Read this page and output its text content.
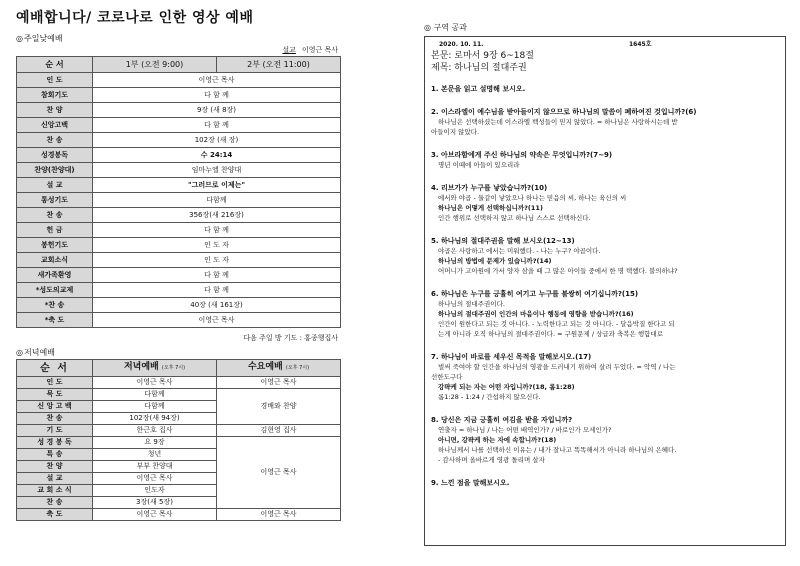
예배합니다/ 코로나로 인한 영상 예배
◎주일낮예배
설교 이영근 목사
순 서	1부 (오전 9:00)	2부 (오전 11:00)
인 도	이영근 목사	
참회기도	다 함 께	
찬 양	9장 (새 8장)	
신앙고백	다 함 께	
찬 송	102장 (새 장)	
성경봉독	수 24:14	
찬양(찬양대)	임마누엘 찬양대	
설 교	"그러므로 이제는"	
통성기도	다함께	
찬 송	356장(새 216장)	
헌 금	다 함 께	
봉헌기도	인 도 자	
교회소식	인 도 자	
새가족환영	다 함 께	
*성도의교제	다 함 께	
*찬 송	40장 (새 161장)	
*축 도	이영근 목사	
다음 주일 방 기도 : 홍종행집사
◎저녁예배
순 서	저녁예배 (오후 7시)	수요예배 (오후 7시)
인 도	이영근 목사	이영근 목사
묵 도	다함께	경배와 찬양
신 앙 고 백	다함께	
찬 송	102장(새 94장)	
기 도	한근호 집사	김현영 집사
성 경 봉 독	요 9장	이영근 목사
특 송	청년	
찬 양	부부 찬양대	
설 교	이영근 목사	
교 회 소 식	인도자	
찬 송	3장(새 5장)	
축 도	이영근 목사	이영근 목사
◎ 구역 공과
2020. 10. 11.	1645호
본문: 로마서 9장 6~18절
제목: 하나님의 절대주권
1. 본문을 읽고 설명해 보시오.
2. 이스라엘이 예수님을 받아들이지 않으므로 하나님의 말씀이 폐하여진 것입니까?(6)
하나님은 선택하셨는데 이스라엘 백성들이 믿지 않았다. = 하나님은 사랑하시는데 받
아들이지 않았다.
3. 아브라함에게 주신 하나님의 약속은 무엇입니까?(7~9)
명년 이때에 아들이 있으리라
4. 리브가가 누구를 낳았습니까?(10)
에서와 야곱 - 둘같이 낳았으나 하나는 믿음의 씨, 하나는 육신의 씨
하나님은 어떻게 선택하십니까?(11)
인간 행위로 선택하지 않고 하나님 스스로 선택하신다.
5. 하나님의 절대주권을 말해 보시오(12~13)
야곱은 사랑하고 에서는 미워했다. - 나는 누구? 야곱이다.
하나님의 방법에 문제가 있습니까?(14)
어머니가 고아원에 가서 양자 삼을 때 그 많은 아이들 중에서 한 명 택했다. 불의하냐?
6. 하나님은 누구를 긍휼히 여기고 누구를 불쌍히 여기십니까?(15)
하나님의 절대주권이다.
하나님의 절대주권이 인간의 마음이나 행동에 영향을 받습니까?(16)
인간이 원한다고 되는 것 아니다. - 노력한다고 되는 것 아니다. - 달음박질 한다고 되
는게 아니라 오직 하나님의 절대주권이다. = 구원문제 / 상급과 축복은 행함대로
7. 하나님이 바로를 세우신 목적을 말해보시오.(17)
벌써 죽여야 할 인간을 하나님의 영광을 드러내기 위하여 살려 두었다. = 악역 / 나는
선한도구다
강퍅케 되는 자는 어떤 자입니까?(18, 롬1:28)
롬1:28 - 1:24 / 간섭하지 않으신다.
8. 당신은 지금 긍휼히 여김을 받을 자입니까?
연출자 = 하나님 / 나는 어떤 배역인가? / 바로인가 모세인가?
아니면, 강퍅케 하는 자에 속합니까?(18)
하나님께서 나를 선택하신 이유는 / 내가 잘나고 똑똑해서가 아니라 하나님의 은혜다.
- 감사하며 올바르게 영광 돌리며 살자
9. 느낀 점을 말해보시오.
